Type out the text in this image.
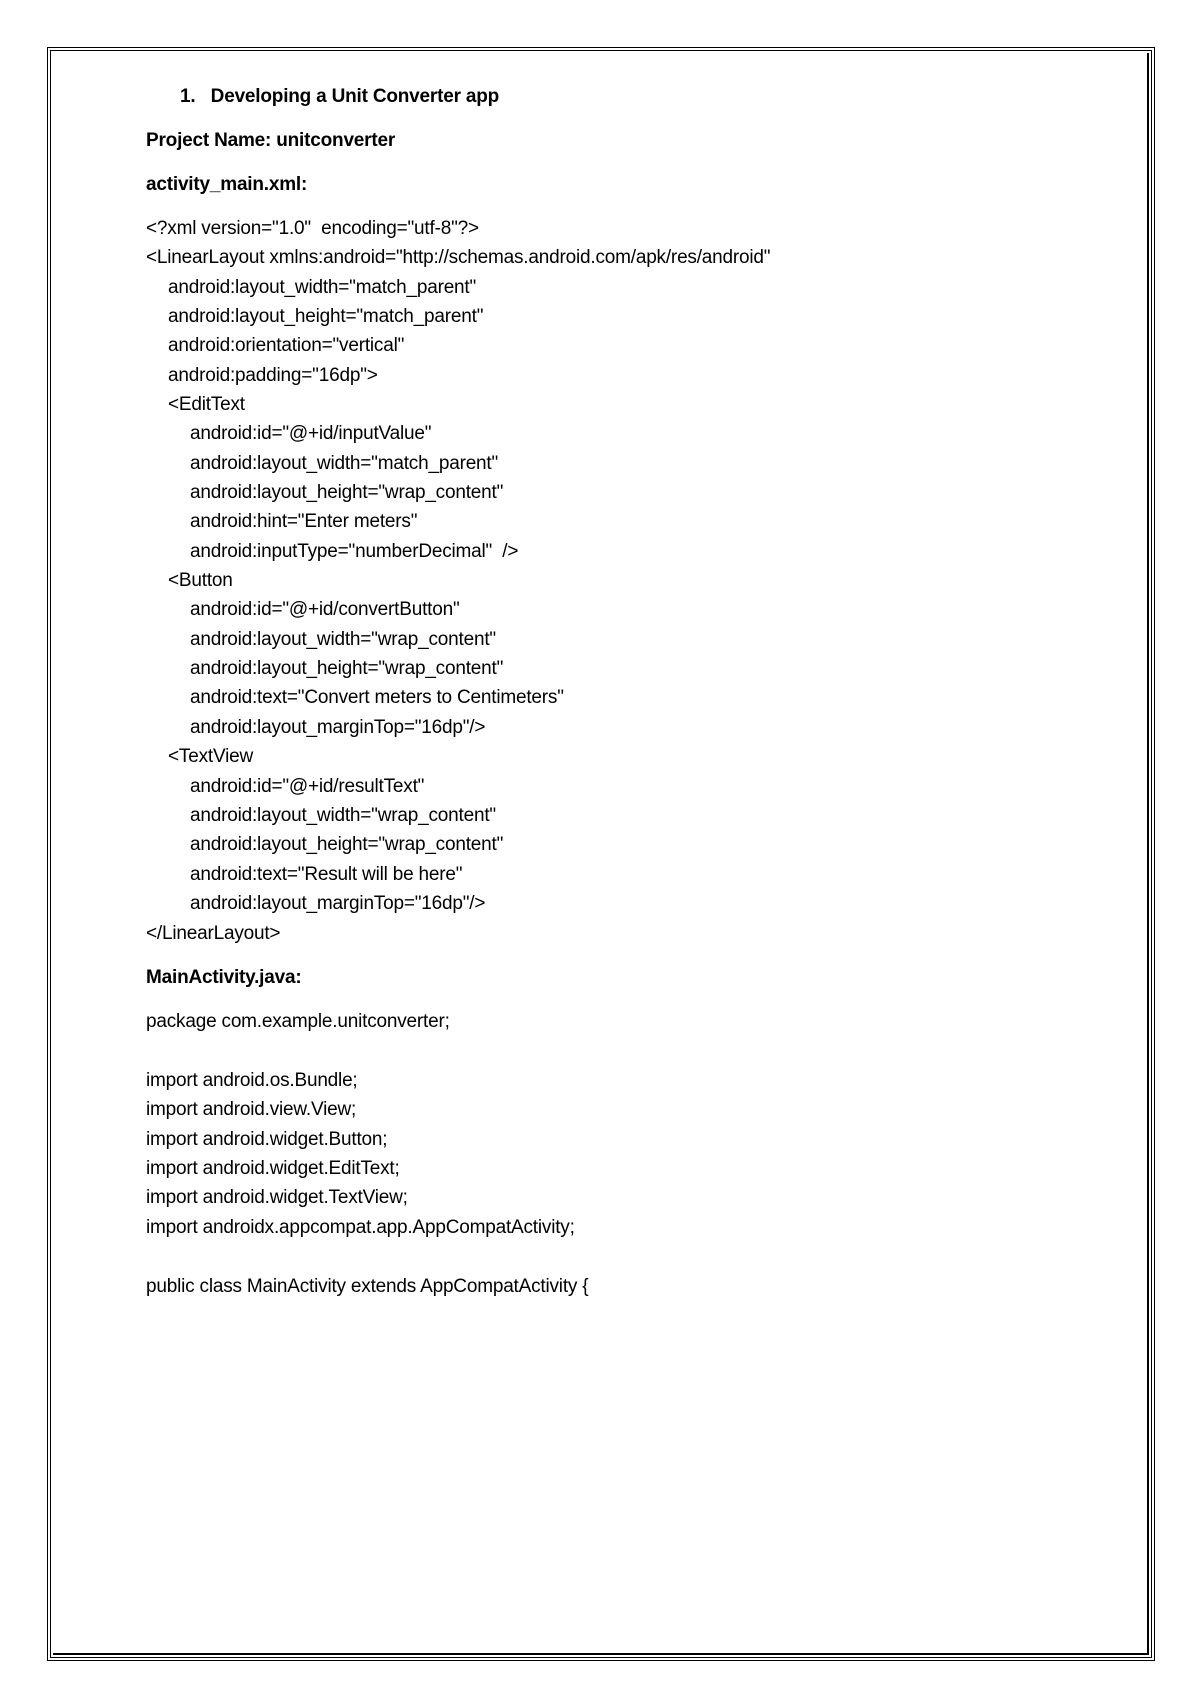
1.   Developing a Unit Converter app
Project Name: unitconverter
activity_main.xml:
<?xml version="1.0"  encoding="utf-8"?>
<LinearLayout xmlns:android="http://schemas.android.com/apk/res/android"
android:layout_width="match_parent"
android:layout_height="match_parent"
android:orientation="vertical"
android:padding="16dp">
<EditText
android:id="@+id/inputValue"
android:layout_width="match_parent"
android:layout_height="wrap_content"
android:hint="Enter meters"
android:inputType="numberDecimal"  />
<Button
android:id="@+id/convertButton"
android:layout_width="wrap_content"
android:layout_height="wrap_content"
android:text="Convert meters to Centimeters"
android:layout_marginTop="16dp"/>
<TextView
android:id="@+id/resultText"
android:layout_width="wrap_content"
android:layout_height="wrap_content"
android:text="Result will be here"
android:layout_marginTop="16dp"/>
</LinearLayout>
MainActivity.java:
package com.example.unitconverter;
import android.os.Bundle;
import android.view.View;
import android.widget.Button;
import android.widget.EditText;
import android.widget.TextView;
import androidx.appcompat.app.AppCompatActivity;
public class MainActivity extends AppCompatActivity {
